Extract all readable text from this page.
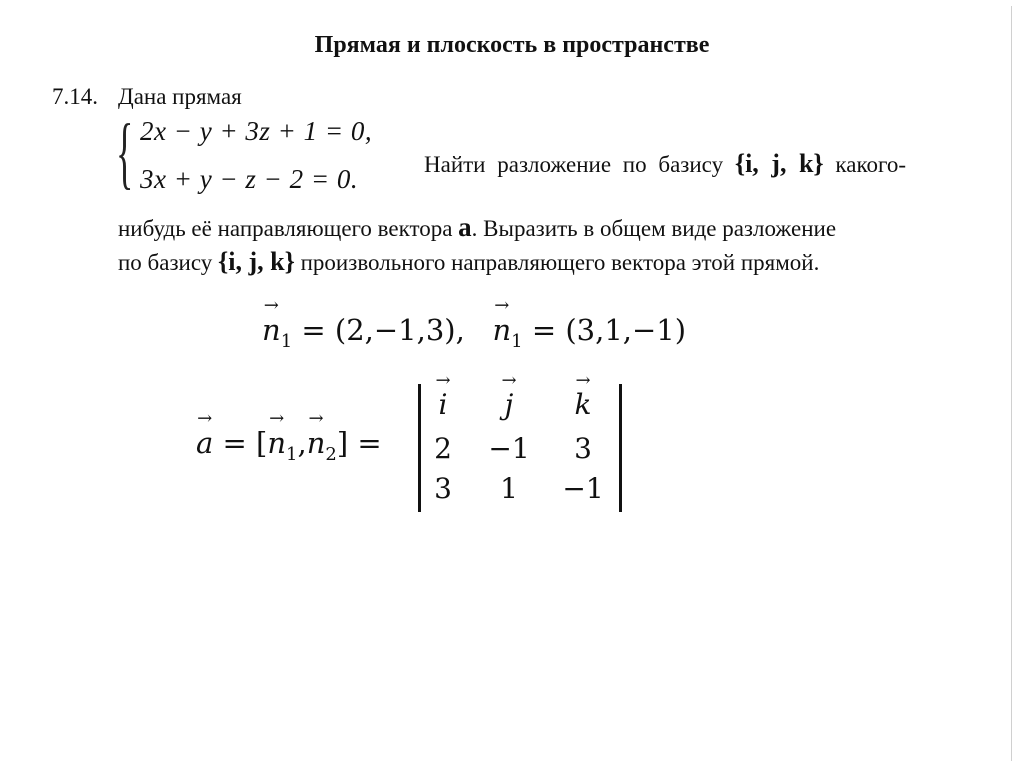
Прямая и плоскость в пространстве
7.14. Дана прямая
{ 2x − y + 3z + 1 = 0,
3x + y − z − 2 = 0.	Найти разложение по базису {i, j, k} какого-
нибудь её направляющего вектора a. Выразить в общем виде разложение
по базису {i, j, k} произвольного направляющего вектора этой прямой.
→ $n_1 = (2,-1,3)$, → $n_1 = (3,1,-1)$
→ a = [→ $n_1,\to n_2$] =
→ i	→ j	→ k
2	−1	3
3	1	−1
